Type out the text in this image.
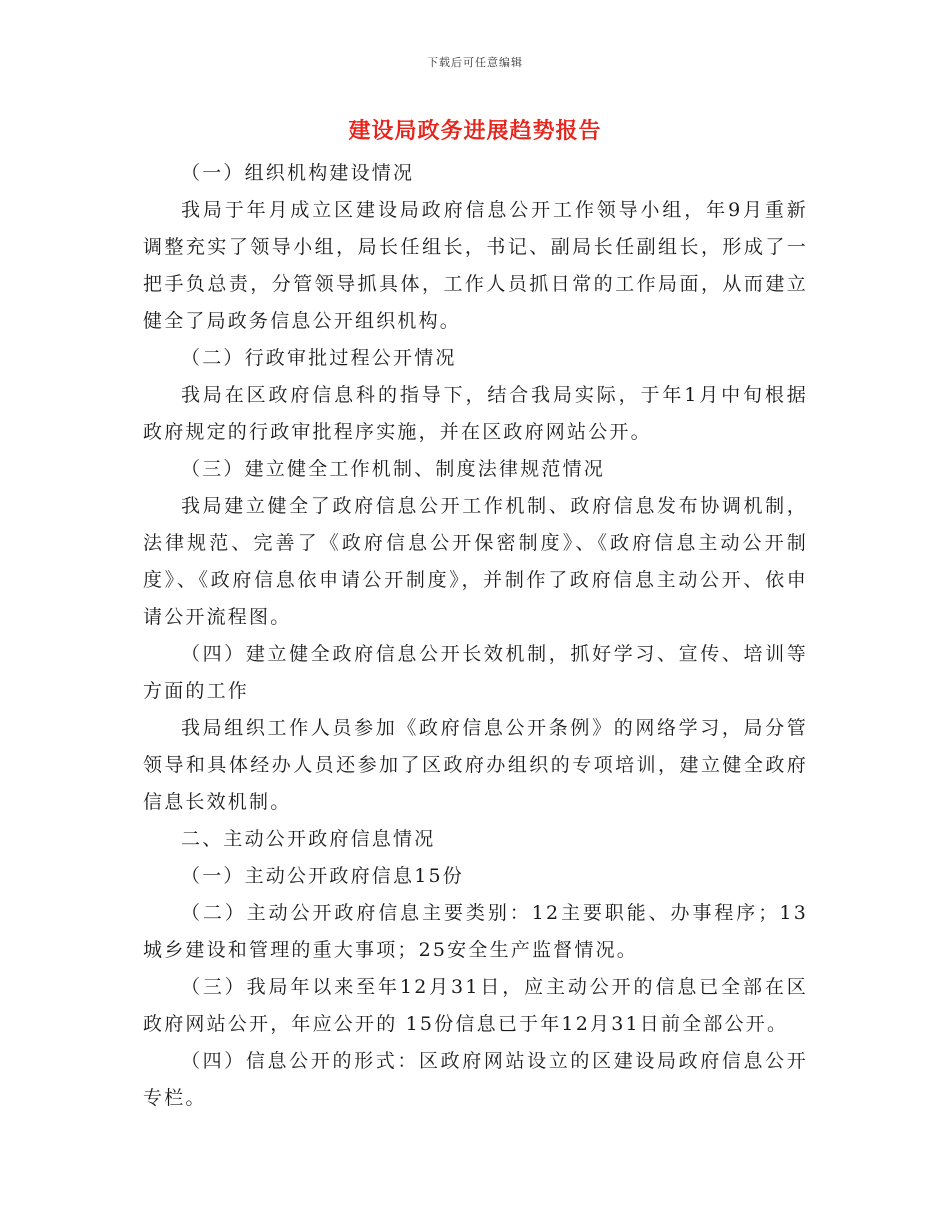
下载后可任意编辑
建设局政务进展趋势报告

（一）组织机构建设情况

我局于年月成立区建设局政府信息公开工作领导小组，年9月重新调整充实了领导小组，局长任组长，书记、副局长任副组长，形成了一把手负总责，分管领导抓具体，工作人员抓日常的工作局面，从而建立健全了局政务信息公开组织机构。

（二）行政审批过程公开情况

我局在区政府信息科的指导下，结合我局实际，于年1月中旬根据政府规定的行政审批程序实施，并在区政府网站公开。

（三）建立健全工作机制、制度法律规范情况

我局建立健全了政府信息公开工作机制、政府信息发布协调机制，法律规范、完善了《政府信息公开保密制度》、《政府信息主动公开制度》、《政府信息依申请公开制度》，并制作了政府信息主动公开、依申请公开流程图。

（四）建立健全政府信息公开长效机制，抓好学习、宣传、培训等方面的工作

我局组织工作人员参加《政府信息公开条例》的网络学习，局分管领导和具体经办人员还参加了区政府办组织的专项培训，建立健全政府信息长效机制。

二、主动公开政府信息情况

（一）主动公开政府信息15份

（二）主动公开政府信息主要类别：12主要职能、办事程序；13城乡建设和管理的重大事项；25安全生产监督情况。

（三）我局年以来至年12月31日，应主动公开的信息已全部在区政府网站公开，年应公开的 15份信息已于年12月31日前全部公开。

（四）信息公开的形式：区政府网站设立的区建设局政府信息公开专栏。
